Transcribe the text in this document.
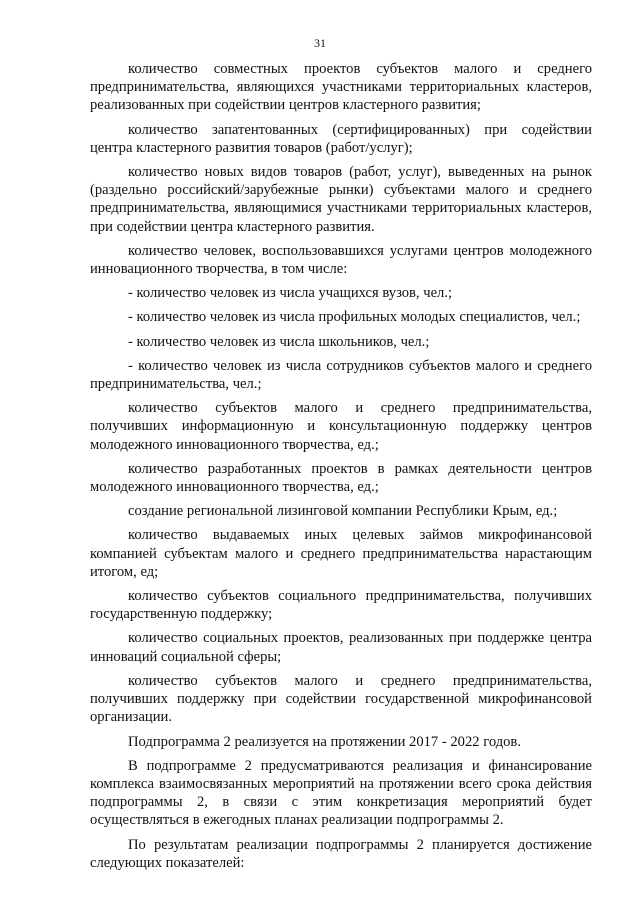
31

количество совместных проектов субъектов малого и среднего предпринимательства, являющихся участниками территориальных кластеров, реализованных при содействии центров кластерного развития;

количество запатентованных (сертифицированных) при содействии центра кластерного развития товаров (работ/услуг);

количество новых видов товаров (работ, услуг), выведенных на рынок (раздельно российский/зарубежные рынки) субъектами малого и среднего предпринимательства, являющимися участниками территориальных кластеров, при содействии центра кластерного развития.

количество человек, воспользовавшихся услугами центров молодежного инновационного творчества, в том числе:

- количество человек из числа учащихся вузов, чел.;

- количество человек из числа профильных молодых специалистов, чел.;

- количество человек из числа школьников, чел.;

- количество человек из числа сотрудников субъектов малого и среднего предпринимательства, чел.;

количество субъектов малого и среднего предпринимательства, получивших информационную и консультационную поддержку центров молодежного инновационного творчества, ед.;

количество разработанных проектов в рамках деятельности центров молодежного инновационного творчества, ед.;

создание региональной лизинговой компании Республики Крым, ед.;

количество выдаваемых иных целевых займов микрофинансовой компанией субъектам малого и среднего предпринимательства нарастающим итогом, ед;

количество субъектов социального предпринимательства, получивших государственную поддержку;

количество социальных проектов, реализованных при поддержке центра инноваций социальной сферы;

количество субъектов малого и среднего предпринимательства, получивших поддержку при содействии государственной микрофинансовой организации.

Подпрограмма 2 реализуется на протяжении 2017 - 2022 годов.

В подпрограмме 2 предусматриваются реализация и финансирование комплекса взаимосвязанных мероприятий на протяжении всего срока действия подпрограммы 2, в связи с этим конкретизация мероприятий будет осуществляться в ежегодных планах реализации подпрограммы 2.

По результатам реализации подпрограммы 2 планируется достижение следующих показателей:
